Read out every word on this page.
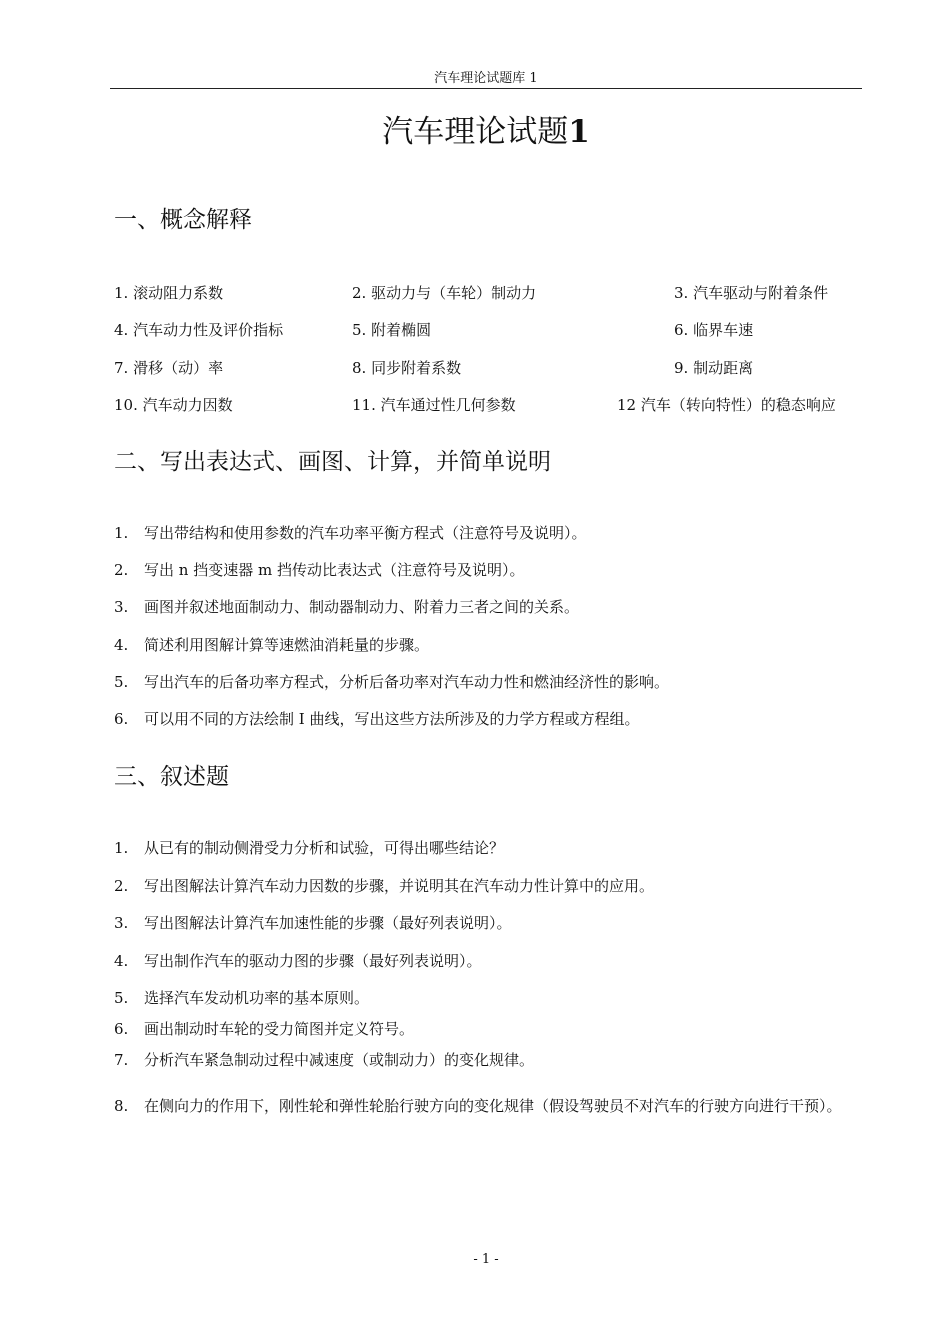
汽车理论试题库 1
汽车理论试题1
一、概念解释
1. 滚动阻力系数	2. 驱动力与（车轮）制动力	3. 汽车驱动与附着条件
4. 汽车动力性及评价指标	5. 附着椭圆	6. 临界车速
7. 滑移（动）率	8. 同步附着系数	9. 制动距离
10. 汽车动力因数	11. 汽车通过性几何参数	12 汽车（转向特性）的稳态响应
二、写出表达式、画图、计算，并简单说明
1. 写出带结构和使用参数的汽车功率平衡方程式（注意符号及说明）。
2. 写出 n 挡变速器 m 挡传动比表达式（注意符号及说明）。
3. 画图并叙述地面制动力、制动器制动力、附着力三者之间的关系。
4. 简述利用图解计算等速燃油消耗量的步骤。
5. 写出汽车的后备功率方程式，分析后备功率对汽车动力性和燃油经济性的影响。
6. 可以用不同的方法绘制 I 曲线，写出这些方法所涉及的力学方程或方程组。
三、叙述题
1. 从已有的制动侧滑受力分析和试验，可得出哪些结论？
2. 写出图解法计算汽车动力因数的步骤，并说明其在汽车动力性计算中的应用。
3. 写出图解法计算汽车加速性能的步骤（最好列表说明）。
4. 写出制作汽车的驱动力图的步骤（最好列表说明）。
5. 选择汽车发动机功率的基本原则。
6. 画出制动时车轮的受力简图并定义符号。
7. 分析汽车紧急制动过程中减速度（或制动力）的变化规律。
8. 在侧向力的作用下，刚性轮和弹性轮胎行驶方向的变化规律（假设驾驶员不对汽车的行驶方向进行干预）。
- 1 -
